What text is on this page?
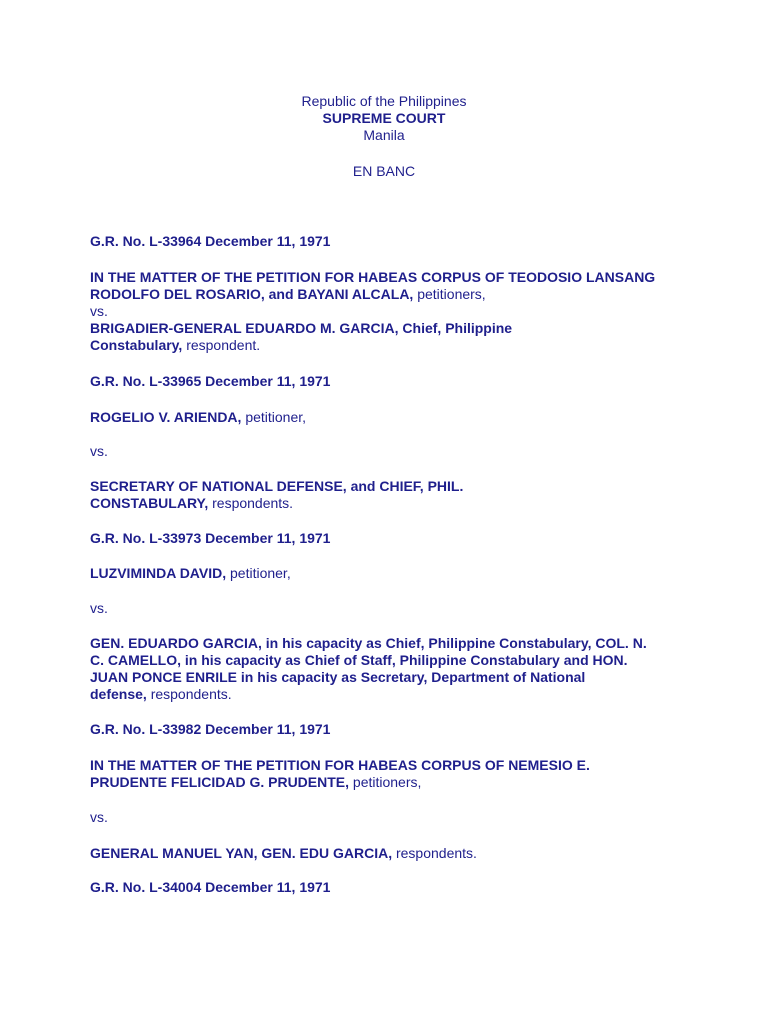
Republic of the Philippines
SUPREME COURT
Manila
EN BANC
G.R. No. L-33964 December 11, 1971
IN THE MATTER OF THE PETITION FOR HABEAS CORPUS OF TEODOSIO LANSANG
RODOLFO DEL ROSARIO, and BAYANI ALCALA, petitioners,
vs.
BRIGADIER-GENERAL EDUARDO M. GARCIA, Chief, Philippine
Constabulary, respondent.
G.R. No. L-33965 December 11, 1971
ROGELIO V. ARIENDA, petitioner,
vs.
SECRETARY OF NATIONAL DEFENSE, and CHIEF, PHIL.
CONSTABULARY, respondents.
G.R. No. L-33973 December 11, 1971
LUZVIMINDA DAVID, petitioner,
vs.
GEN. EDUARDO GARCIA, in his capacity as Chief, Philippine Constabulary, COL. N.
C. CAMELLO, in his capacity as Chief of Staff, Philippine Constabulary and HON.
JUAN PONCE ENRILE in his capacity as Secretary, Department of National
defense, respondents.
G.R. No. L-33982 December 11, 1971
IN THE MATTER OF THE PETITION FOR HABEAS CORPUS OF NEMESIO E.
PRUDENTE FELICIDAD G. PRUDENTE, petitioners,
vs.
GENERAL MANUEL YAN, GEN. EDU GARCIA, respondents.
G.R. No. L-34004 December 11, 1971
